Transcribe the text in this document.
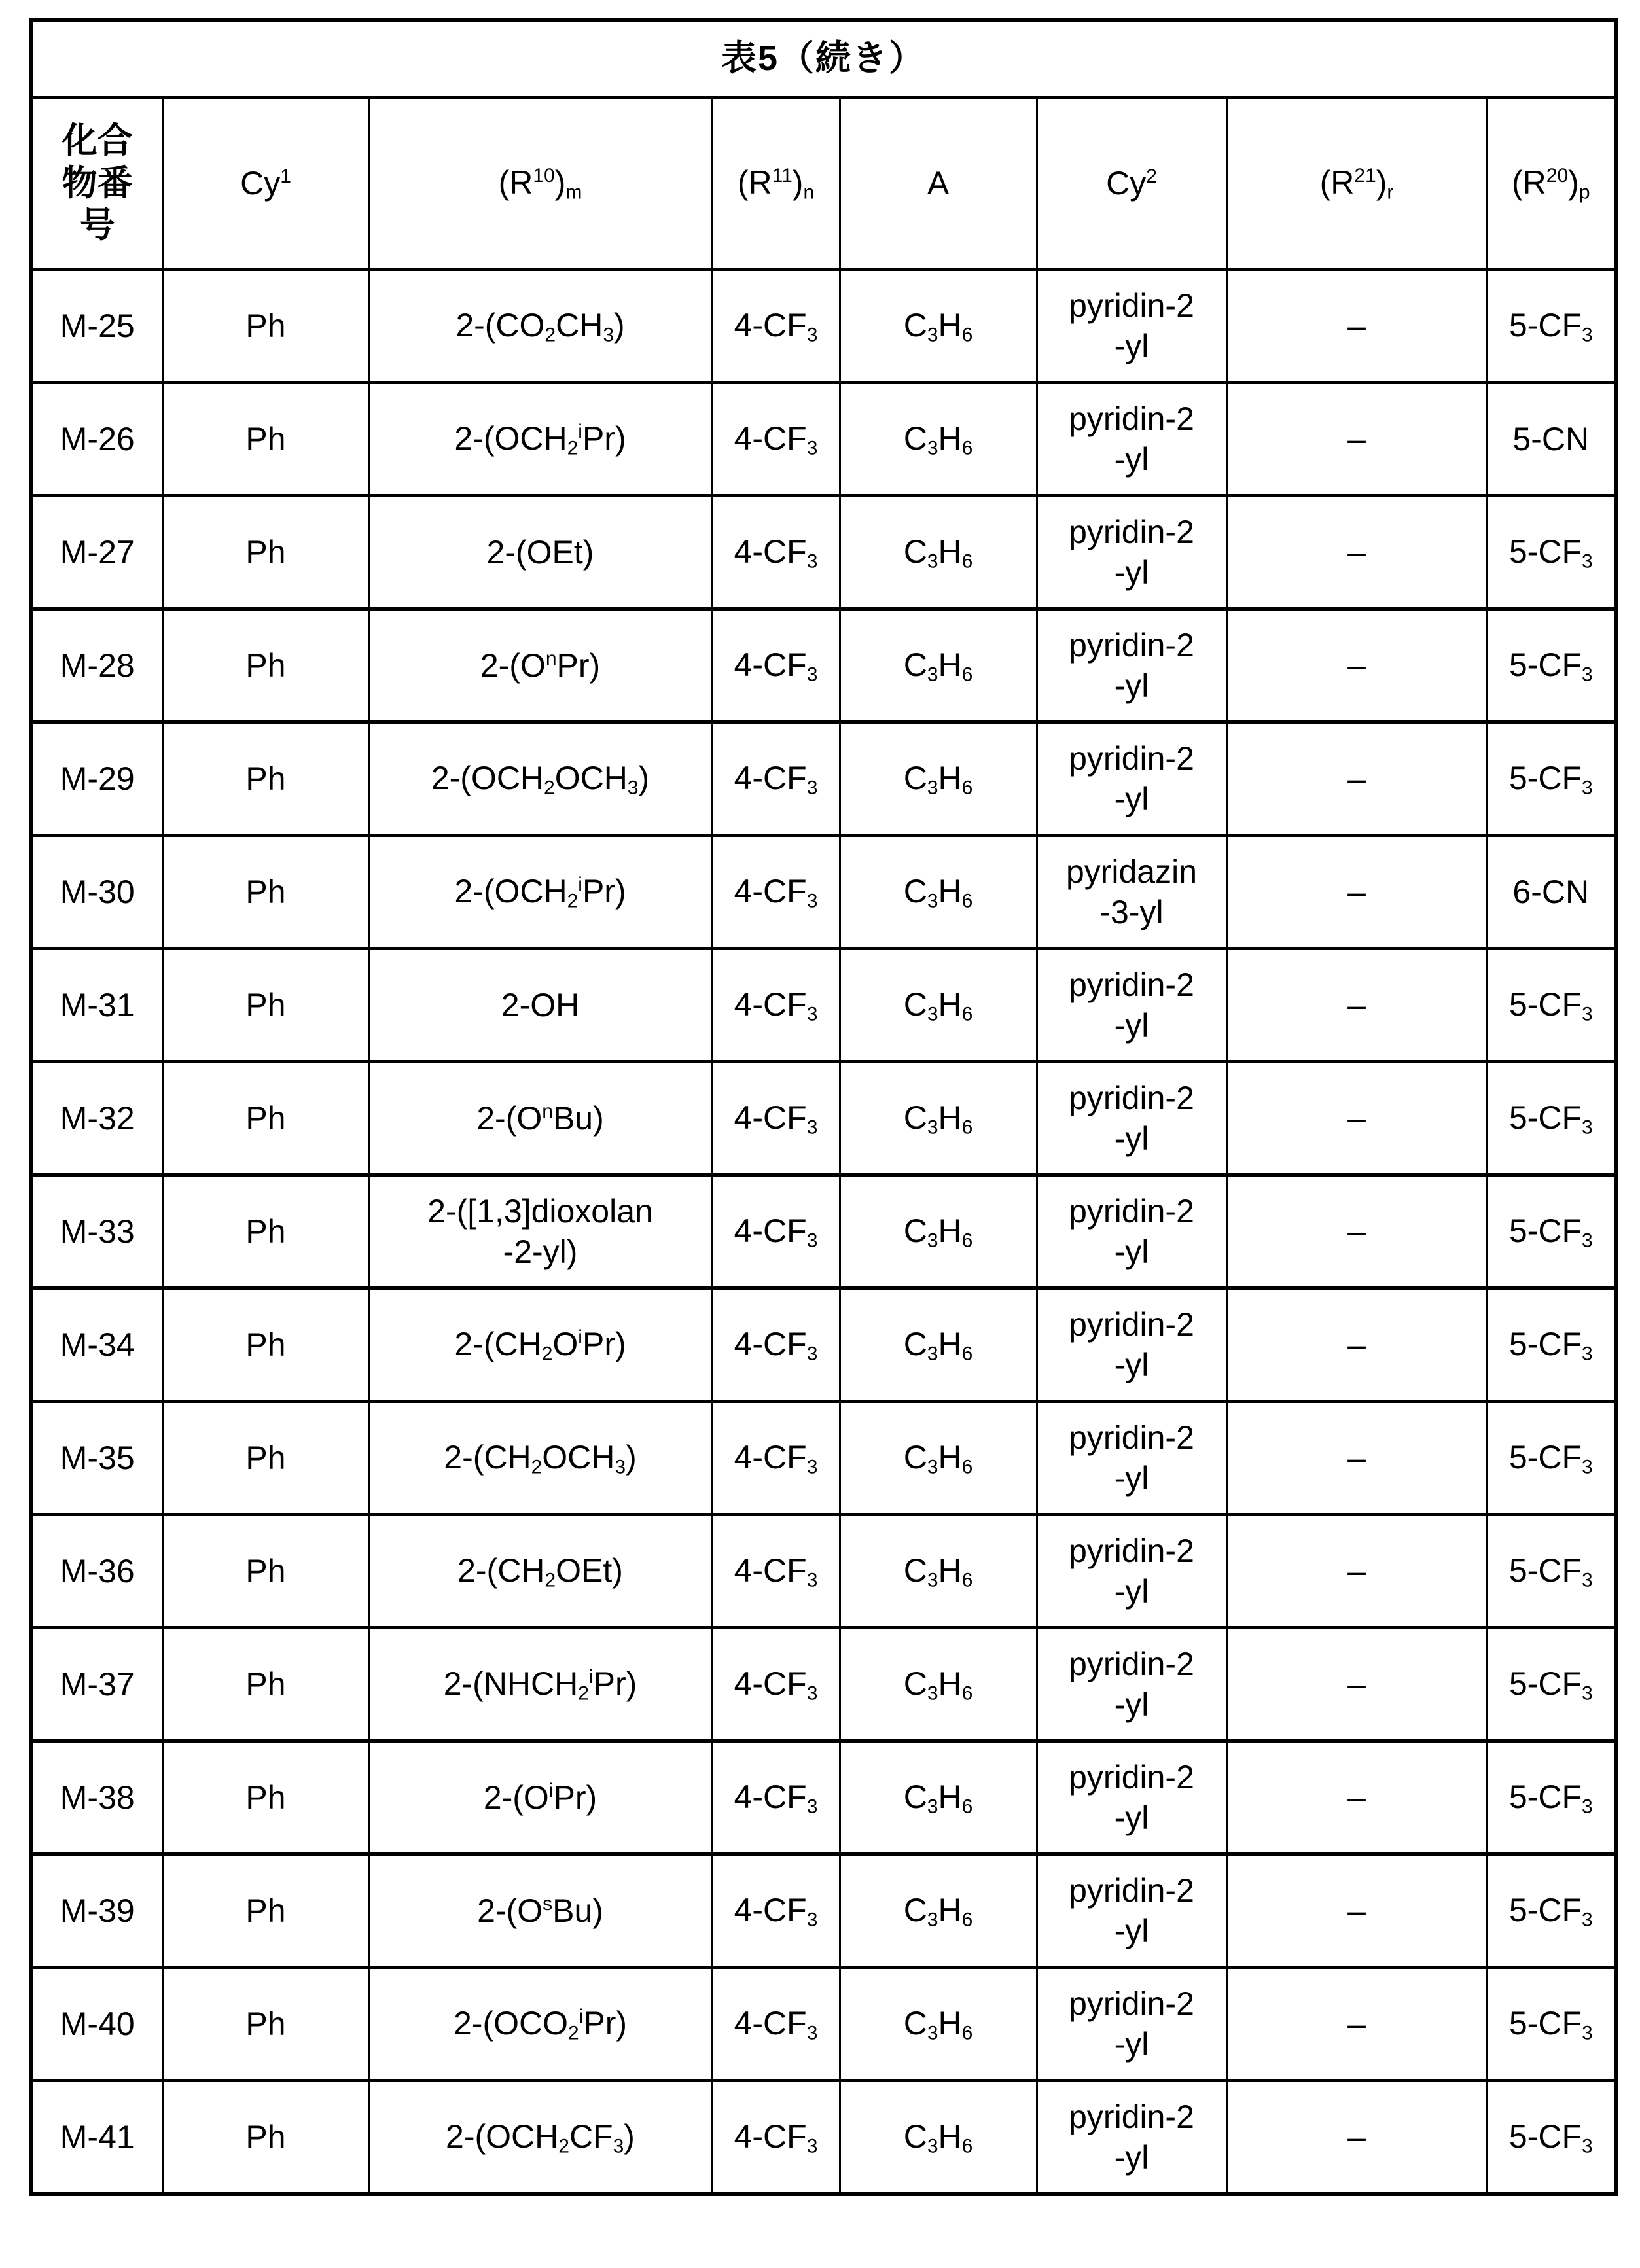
表5（続き）
化合
物番
号	Cy1	(R10)m	(R11)n	A	Cy2	(R21)r	(R20)p
M-25	Ph	2-(CO2CH3)	4-CF3	C3H6	pyridin-2
-yl	–	5-CF3
M-26	Ph	2-(OCH2iPr)	4-CF3	C3H6	pyridin-2
-yl	–	5-CN
M-27	Ph	2-(OEt)	4-CF3	C3H6	pyridin-2
-yl	–	5-CF3
M-28	Ph	2-(OnPr)	4-CF3	C3H6	pyridin-2
-yl	–	5-CF3
M-29	Ph	2-(OCH2OCH3)	4-CF3	C3H6	pyridin-2
-yl	–	5-CF3
M-30	Ph	2-(OCH2iPr)	4-CF3	C3H6	pyridazin
-3-yl	–	6-CN
M-31	Ph	2-OH	4-CF3	C3H6	pyridin-2
-yl	–	5-CF3
M-32	Ph	2-(OnBu)	4-CF3	C3H6	pyridin-2
-yl	–	5-CF3
M-33	Ph	2-([1,3]dioxolan
-2-yl)	4-CF3	C3H6	pyridin-2
-yl	–	5-CF3
M-34	Ph	2-(CH2OiPr)	4-CF3	C3H6	pyridin-2
-yl	–	5-CF3
M-35	Ph	2-(CH2OCH3)	4-CF3	C3H6	pyridin-2
-yl	–	5-CF3
M-36	Ph	2-(CH2OEt)	4-CF3	C3H6	pyridin-2
-yl	–	5-CF3
M-37	Ph	2-(NHCH2iPr)	4-CF3	C3H6	pyridin-2
-yl	–	5-CF3
M-38	Ph	2-(OiPr)	4-CF3	C3H6	pyridin-2
-yl	–	5-CF3
M-39	Ph	2-(OsBu)	4-CF3	C3H6	pyridin-2
-yl	–	5-CF3
M-40	Ph	2-(OCO2iPr)	4-CF3	C3H6	pyridin-2
-yl	–	5-CF3
M-41	Ph	2-(OCH2CF3)	4-CF3	C3H6	pyridin-2
-yl	–	5-CF3
